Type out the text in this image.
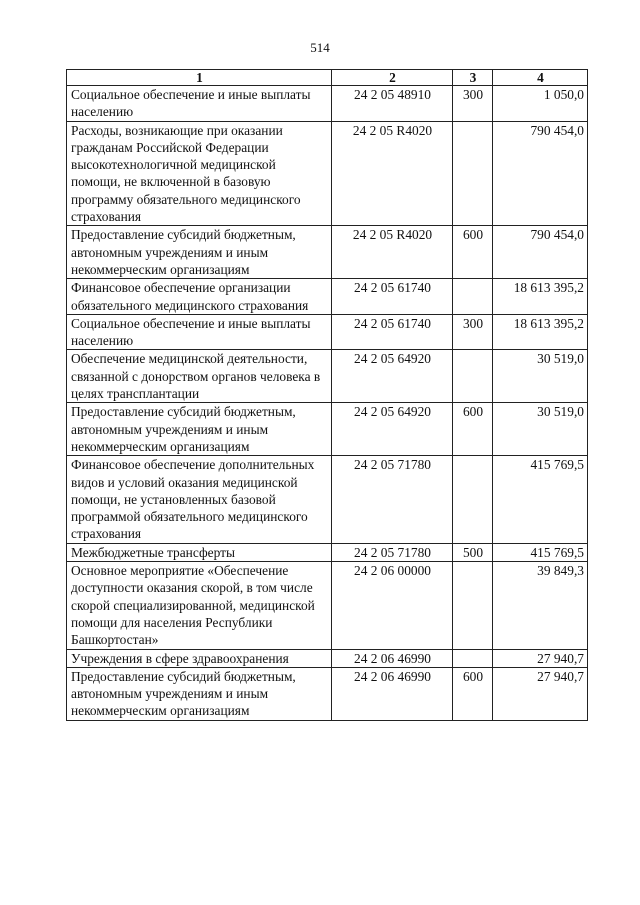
514
1	2	3	4
Социальное обеспечение и иные выплаты населению	24 2 05 48910	300	1 050,0
Расходы, возникающие при оказании гражданам Российской Федерации высокотехнологичной медицинской помощи, не включенной в базовую программу обязательного медицинского страхования	24 2 05 R4020		790 454,0
Предоставление субсидий бюджетным, автономным учреждениям и иным некоммерческим организациям	24 2 05 R4020	600	790 454,0
Финансовое обеспечение организации обязательного медицинского страхования	24 2 05 61740		18 613 395,2
Социальное обеспечение и иные выплаты населению	24 2 05 61740	300	18 613 395,2
Обеспечение медицинской деятельности, связанной с донорством органов человека в целях трансплантации	24 2 05 64920		30 519,0
Предоставление субсидий бюджетным, автономным учреждениям и иным некоммерческим организациям	24 2 05 64920	600	30 519,0
Финансовое обеспечение дополнительных видов и условий оказания медицинской помощи, не установленных базовой программой обязательного медицинского страхования	24 2 05 71780		415 769,5
Межбюджетные трансферты	24 2 05 71780	500	415 769,5
Основное мероприятие «Обеспечение доступности оказания скорой, в том числе скорой специализированной, медицинской помощи для населения Республики Башкортостан»	24 2 06 00000		39 849,3
Учреждения в сфере здравоохранения	24 2 06 46990		27 940,7
Предоставление субсидий бюджетным, автономным учреждениям и иным некоммерческим организациям	24 2 06 46990	600	27 940,7
